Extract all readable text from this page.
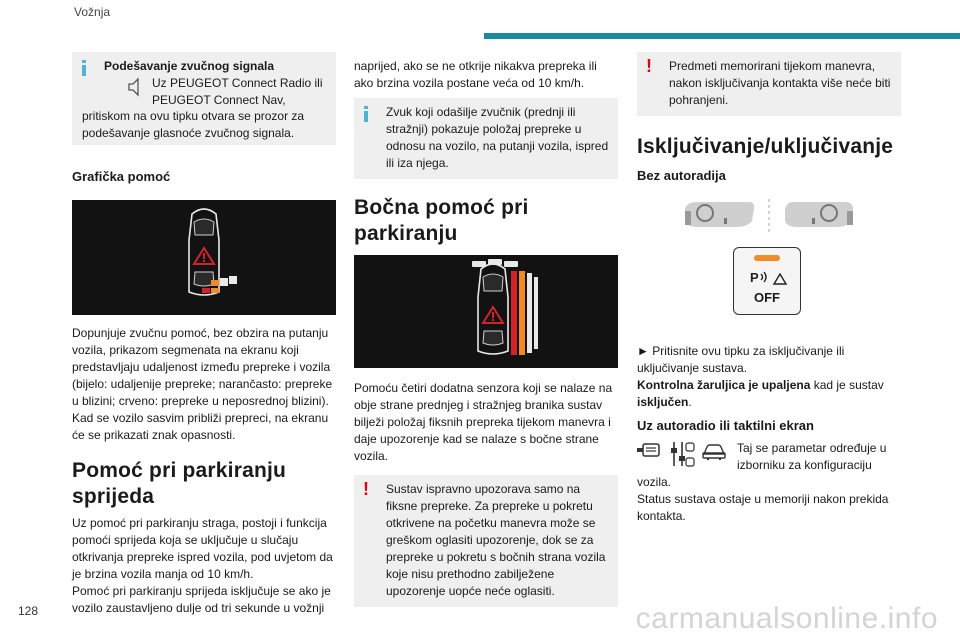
Vožnja
Podešavanje zvučnog signala
Uz PEUGEOT Connect Radio ili
PEUGEOT Connect Nav,
pritiskom na ovu tipku otvara se prozor za podešavanje glasnoće zvučnog signala.
Grafička pomoć

Dopunjuje zvučnu pomoć, bez obzira na putanju vozila, prikazom segmenata na ekranu koji predstavljaju udaljenost između prepreke i vozila (bijelo: udaljenije prepreke; narančasto: prepreke u blizini; crveno: prepreke u neposrednoj blizini). Kad se vozilo sasvim približi prepreci, na ekranu će se prikazati znak opasnosti.

Pomoć pri parkiranju
sprijeda

Uz pomoć pri parkiranju straga, postoji i funkcija pomoći sprijeda koja se uključuje u slučaju otkrivanja prepreke ispred vozila, pod uvjetom da je brzina vozila manja od 10 km/h.

Pomoć pri parkiranju sprijeda isključuje se ako je vozilo zaustavljeno dulje od tri sekunde u vožnji

naprijed, ako se ne otkrije nikakva prepreka ili ako brzina vozila postane veća od 10 km/h.

Zvuk koji odašilje zvučnik (prednji ili stražnji) pokazuje položaj prepreke u odnosu na vozilo, na putanji vozila, ispred ili iza njega.
Bočna pomoć pri parkiranju

Pomoću četiri dodatna senzora koji se nalaze na obje strane prednjeg i stražnjeg branika sustav bilježi položaj fiksnih prepreka tijekom manevra i daje upozorenje kad se nalaze s bočne strane vozila.

! Sustav ispravno upozorava samo na fiksne prepreke. Za prepreke u pokretu otkrivene na početku manevra može se greškom oglasiti upozorenje, dok se za prepreke u pokretu s bočnih strana vozila koje nisu prethodno zabilježene upozorenje uopće neće oglasiti.
! Predmeti memorirani tijekom manevra, nakon isključivanja kontakta više neće biti pohranjeni.
Isključivanje/uključivanje
Bez autoradija
P
OFF

► Pritisnite ovu tipku za isključivanje ili uključivanje sustava.

Kontrolna žaruljica je upaljena kad je sustav isključen.

Uz autoradio ili taktilni ekran
Taj se parametar određuje u
izborniku za konfiguraciju

vozila.

Status sustava ostaje u memoriji nakon prekida kontakta.

128	carmanualsonline.info
